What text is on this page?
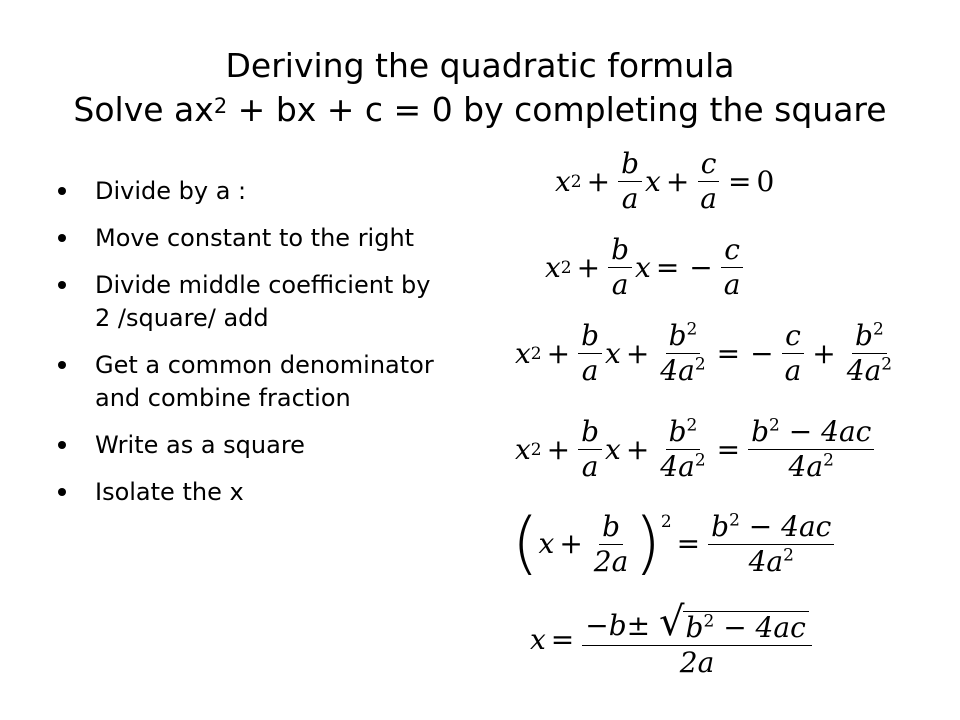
Deriving the quadratic formula
Solve $ax^2$ + bx + c = 0 by completing the square
Divide by a :
Move constant to the right
Divide middle coefficient by 2 /square/ add
Get a common denominator and combine fraction
Write as a square
Isolate the x
x $2 + \frac{b}{a}$ $x + \frac{c}{a} = 0$
x $2 + \frac{b}{a}$ x = − $\frac{c}{a}$
x $2 + \frac{b}{a}$ $x + \frac{b^2}{4a^2}$ = − $\frac{c}{a} + \frac{b^2}{4a^2}$
x $2 + \frac{b}{a}$ $x + \frac{b^2}{4a^2} = \frac{b^2 - 4ac}{4a^2}$
( $x + \frac{b}{2a}$ ) 2
= $\frac{b^2 - 4ac}{4a^2}$
$x = \frac{-b\pm √ b^2 - 4ac}{2a}$
